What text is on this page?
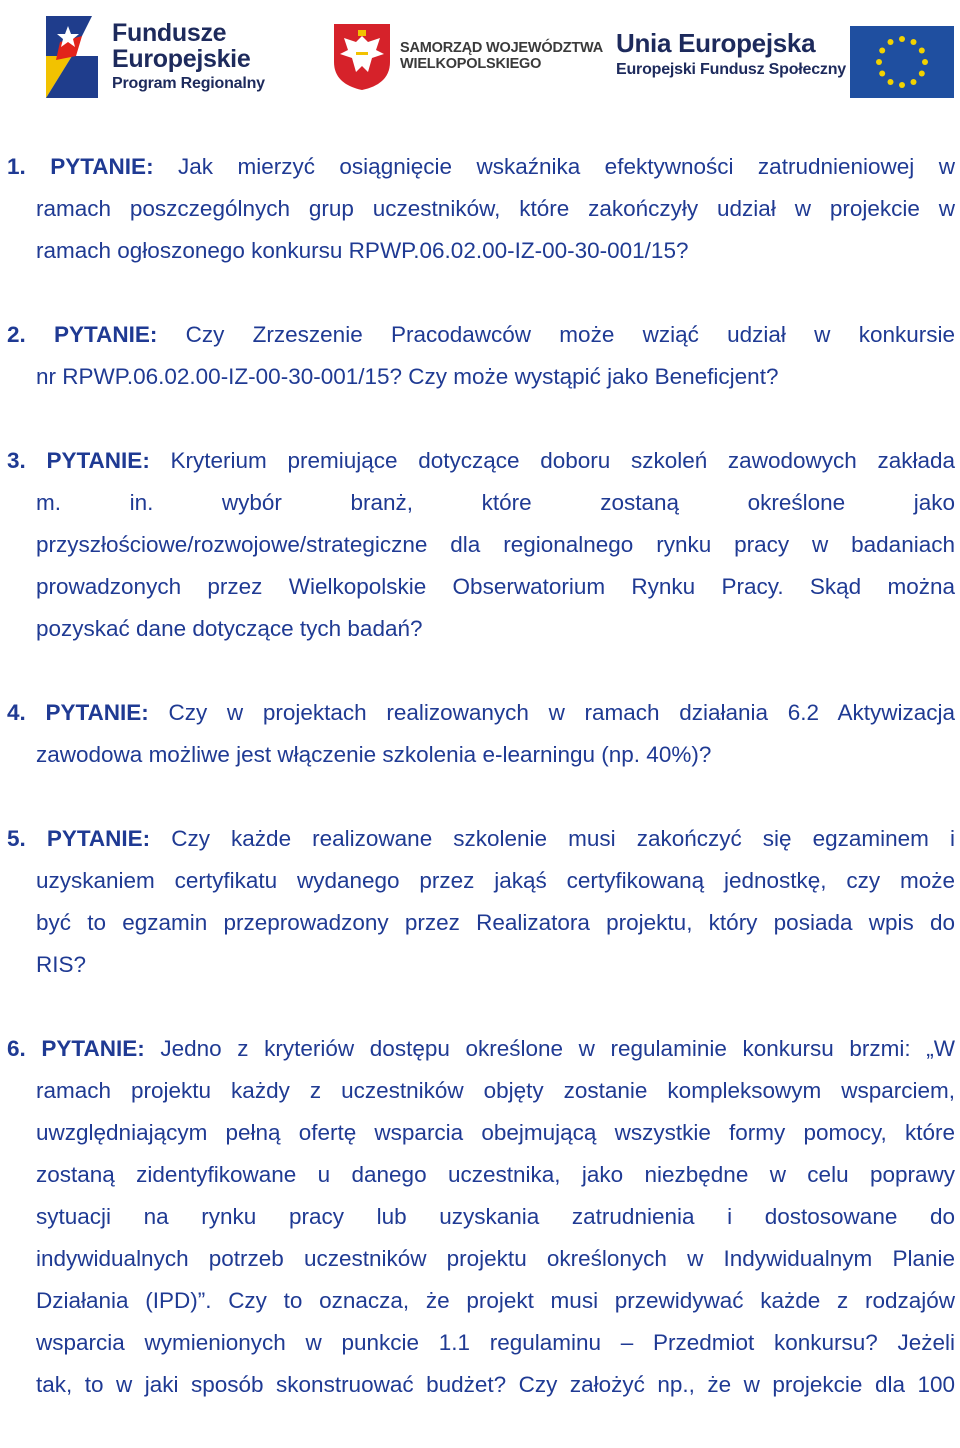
Fundusze
Europejskie
Program Regionalny
SAMORZĄD WOJEWÓDZTWA
WIELKOPOLSKIEGO
Unia Europejska
Europejski Fundusz Społeczny
1. PYTANIE: Jak mierzyć osiągnięcie wskaźnika efektywności zatrudnieniowej w
ramach poszczególnych grup uczestników, które zakończyły udział w projekcie w
ramach ogłoszonego konkursu RPWP.06.02.00-IZ-00-30-001/15?
2. PYTANIE: Czy Zrzeszenie Pracodawców może wziąć udział w konkursie
nr RPWP.06.02.00-IZ-00-30-001/15? Czy może wystąpić jako Beneficjent?
3. PYTANIE: Kryterium premiujące dotyczące doboru szkoleń zawodowych zakłada
m. in. wybór branż, które zostaną określone jako
przyszłościowe/rozwojowe/strategiczne dla regionalnego rynku pracy w badaniach
prowadzonych przez Wielkopolskie Obserwatorium Rynku Pracy. Skąd można
pozyskać dane dotyczące tych badań?
4. PYTANIE: Czy w projektach realizowanych w ramach działania 6.2 Aktywizacja
zawodowa możliwe jest włączenie szkolenia e-learningu (np. 40%)?
5. PYTANIE: Czy każde realizowane szkolenie musi zakończyć się egzaminem i
uzyskaniem certyfikatu wydanego przez jakąś certyfikowaną jednostkę, czy może
być to egzamin przeprowadzony przez Realizatora projektu, który posiada wpis do
RIS?
6. PYTANIE: Jedno z kryteriów dostępu określone w regulaminie konkursu brzmi: „W
ramach projektu każdy z uczestników objęty zostanie kompleksowym wsparciem,
uwzględniającym pełną ofertę wsparcia obejmującą wszystkie formy pomocy, które
zostaną zidentyfikowane u danego uczestnika, jako niezbędne w celu poprawy
sytuacji na rynku pracy lub uzyskania zatrudnienia i dostosowane do
indywidualnych potrzeb uczestników projektu określonych w Indywidualnym Planie
Działania (IPD)”. Czy to oznacza, że projekt musi przewidywać każde z rodzajów
wsparcia wymienionych w punkcie 1.1 regulaminu – Przedmiot konkursu? Jeżeli
tak, to w jaki sposób skonstruować budżet? Czy założyć np., że w projekcie dla 100
